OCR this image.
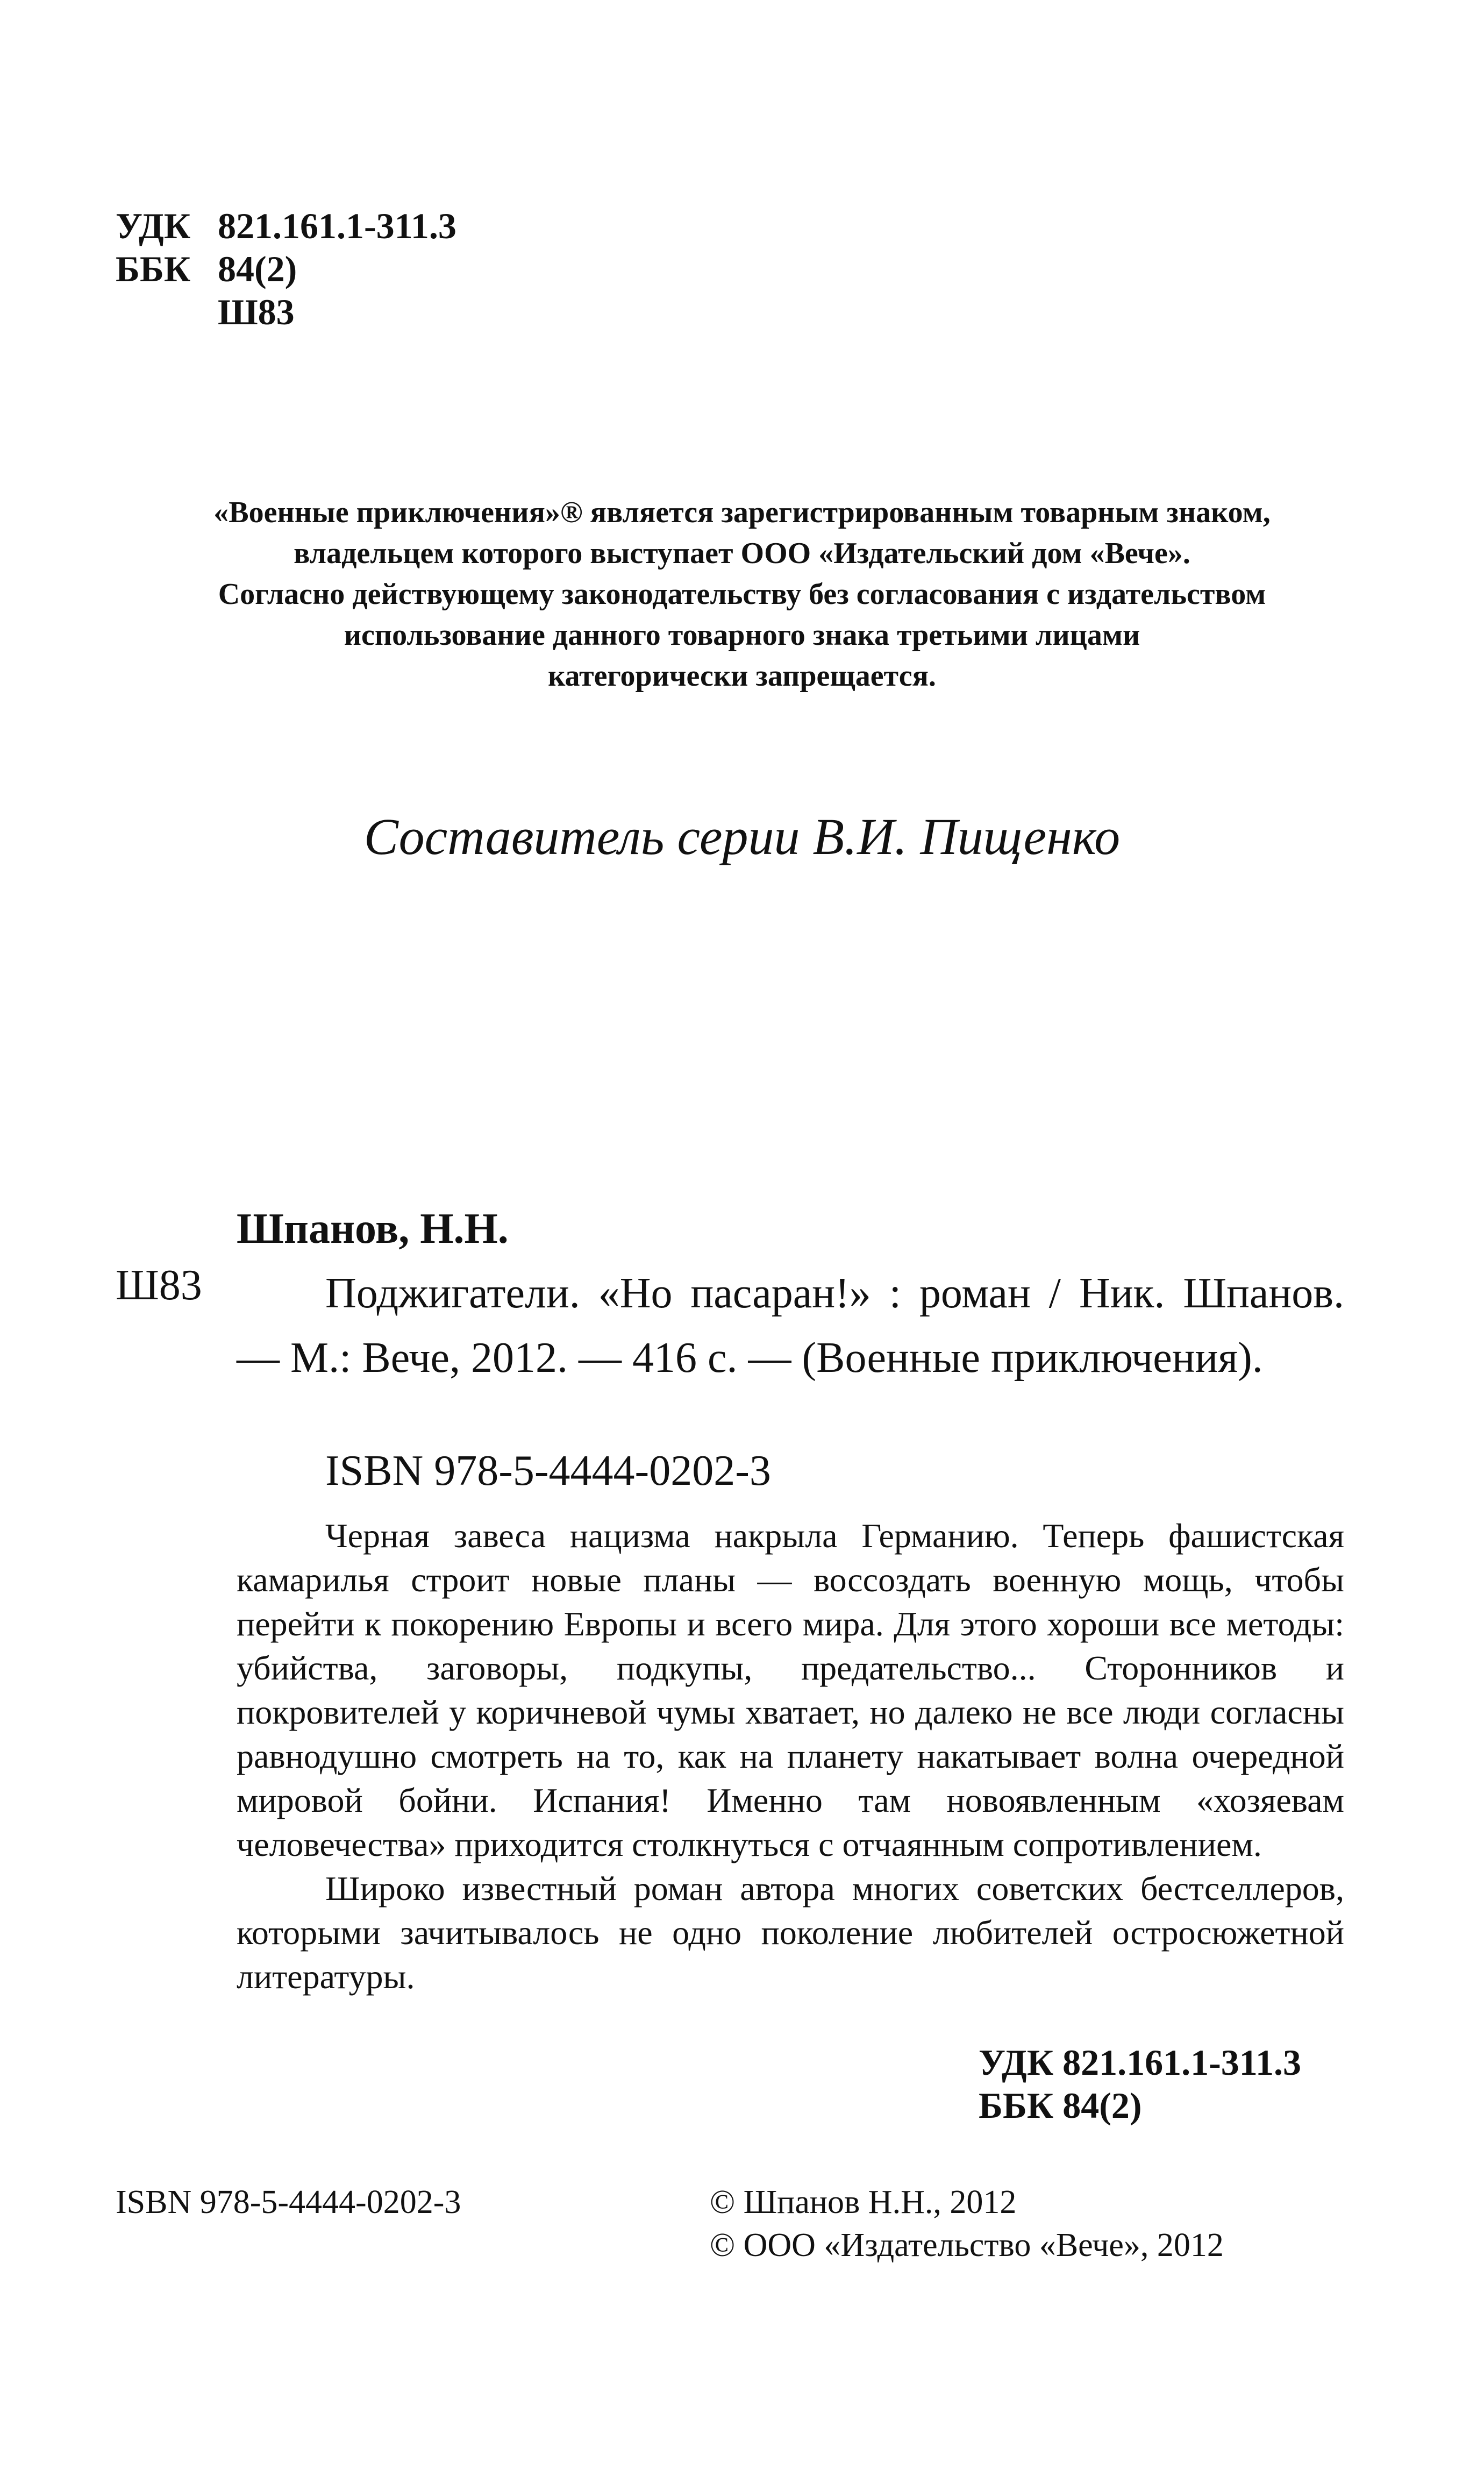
УДК 821.161.1-311.3
ББК 84(2)
Ш83

«Военные приключения»® является зарегистрированным товарным знаком,

владельцем которого выступает ООО «Издательский дом «Вече».

Согласно действующему законодательству без согласования с издательством

использование данного товарного знака третьими лицами

категорически запрещается.

Составитель серии В.И. Пищенко
Шпанов, Н.Н.
Ш83	Поджигатели. «Но пасаран!» : роман / Ник. Шпанов. — М.: Вече, 2012. — 416 с. — (Военные приключения).
ISBN 978-5-4444-0202-3

Черная завеса нацизма накрыла Германию. Теперь фашистская камарилья строит новые планы — воссоздать военную мощь, чтобы перейти к покорению Европы и всего мира. Для этого хороши все методы: убийства, заговоры, подкупы, предательство... Сторонников и покровителей у коричневой чумы хватает, но далеко не все люди согласны равнодушно смотреть на то, как на планету накатывает волна очередной мировой бойни. Испания! Именно там новоявленным «хозяевам человечества» приходится столкнуться с отчаянным сопротивлением.

Широко известный роман автора многих советских бестселлеров, которыми зачитывалось не одно поколение любителей остросюжетной литературы.

УДК 821.161.1-311.3
ББК 84(2)
ISBN 978-5-4444-0202-3	© Шпанов Н.Н., 2012
© ООО «Издательство «Вече», 2012
